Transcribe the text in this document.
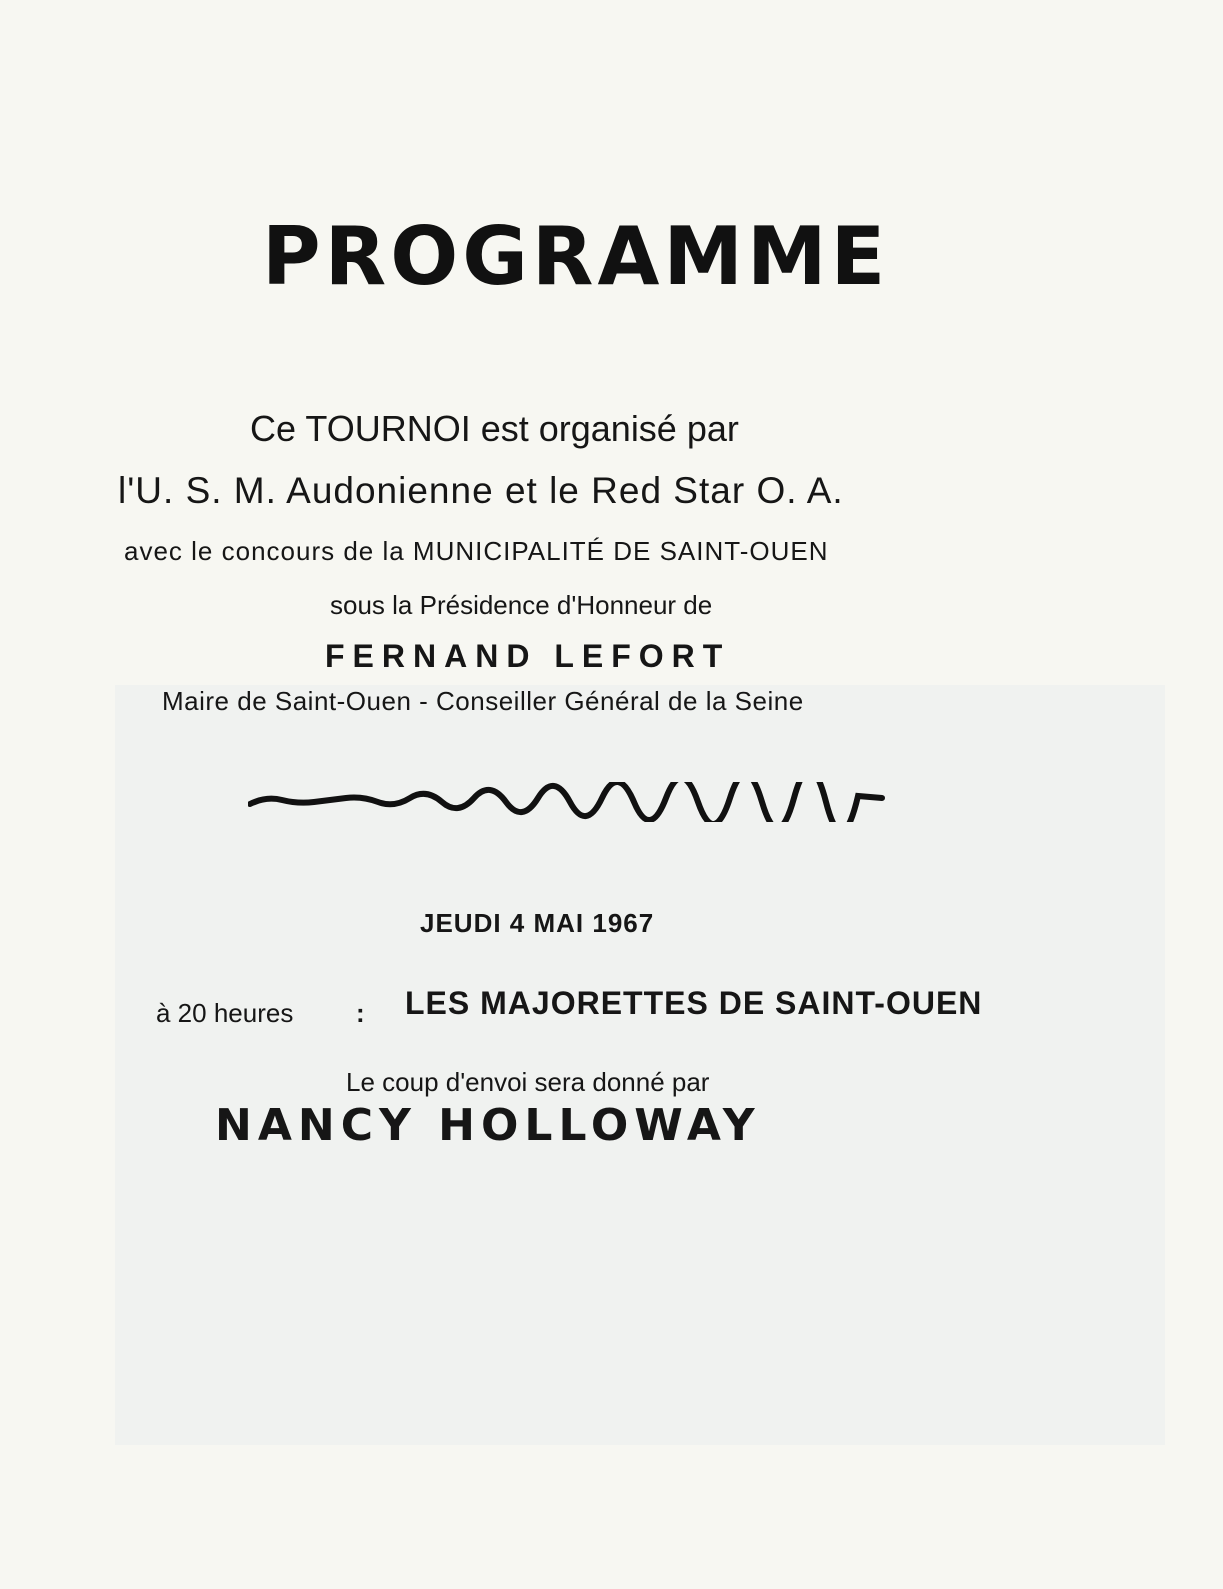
PROGRAMME
Ce TOURNOI est organisé par
l'U. S. M. Audonienne et le Red Star O. A.
avec le concours de la MUNICIPALITÉ DE SAINT-OUEN
sous la Présidence d'Honneur de
FERNAND LEFORT
Maire de Saint-Ouen - Conseiller Général de la Seine
JEUDI 4 MAI 1967
à 20 heures : LES MAJORETTES DE SAINT-OUEN
Le coup d'envoi sera donné par
NANCY HOLLOWAY
